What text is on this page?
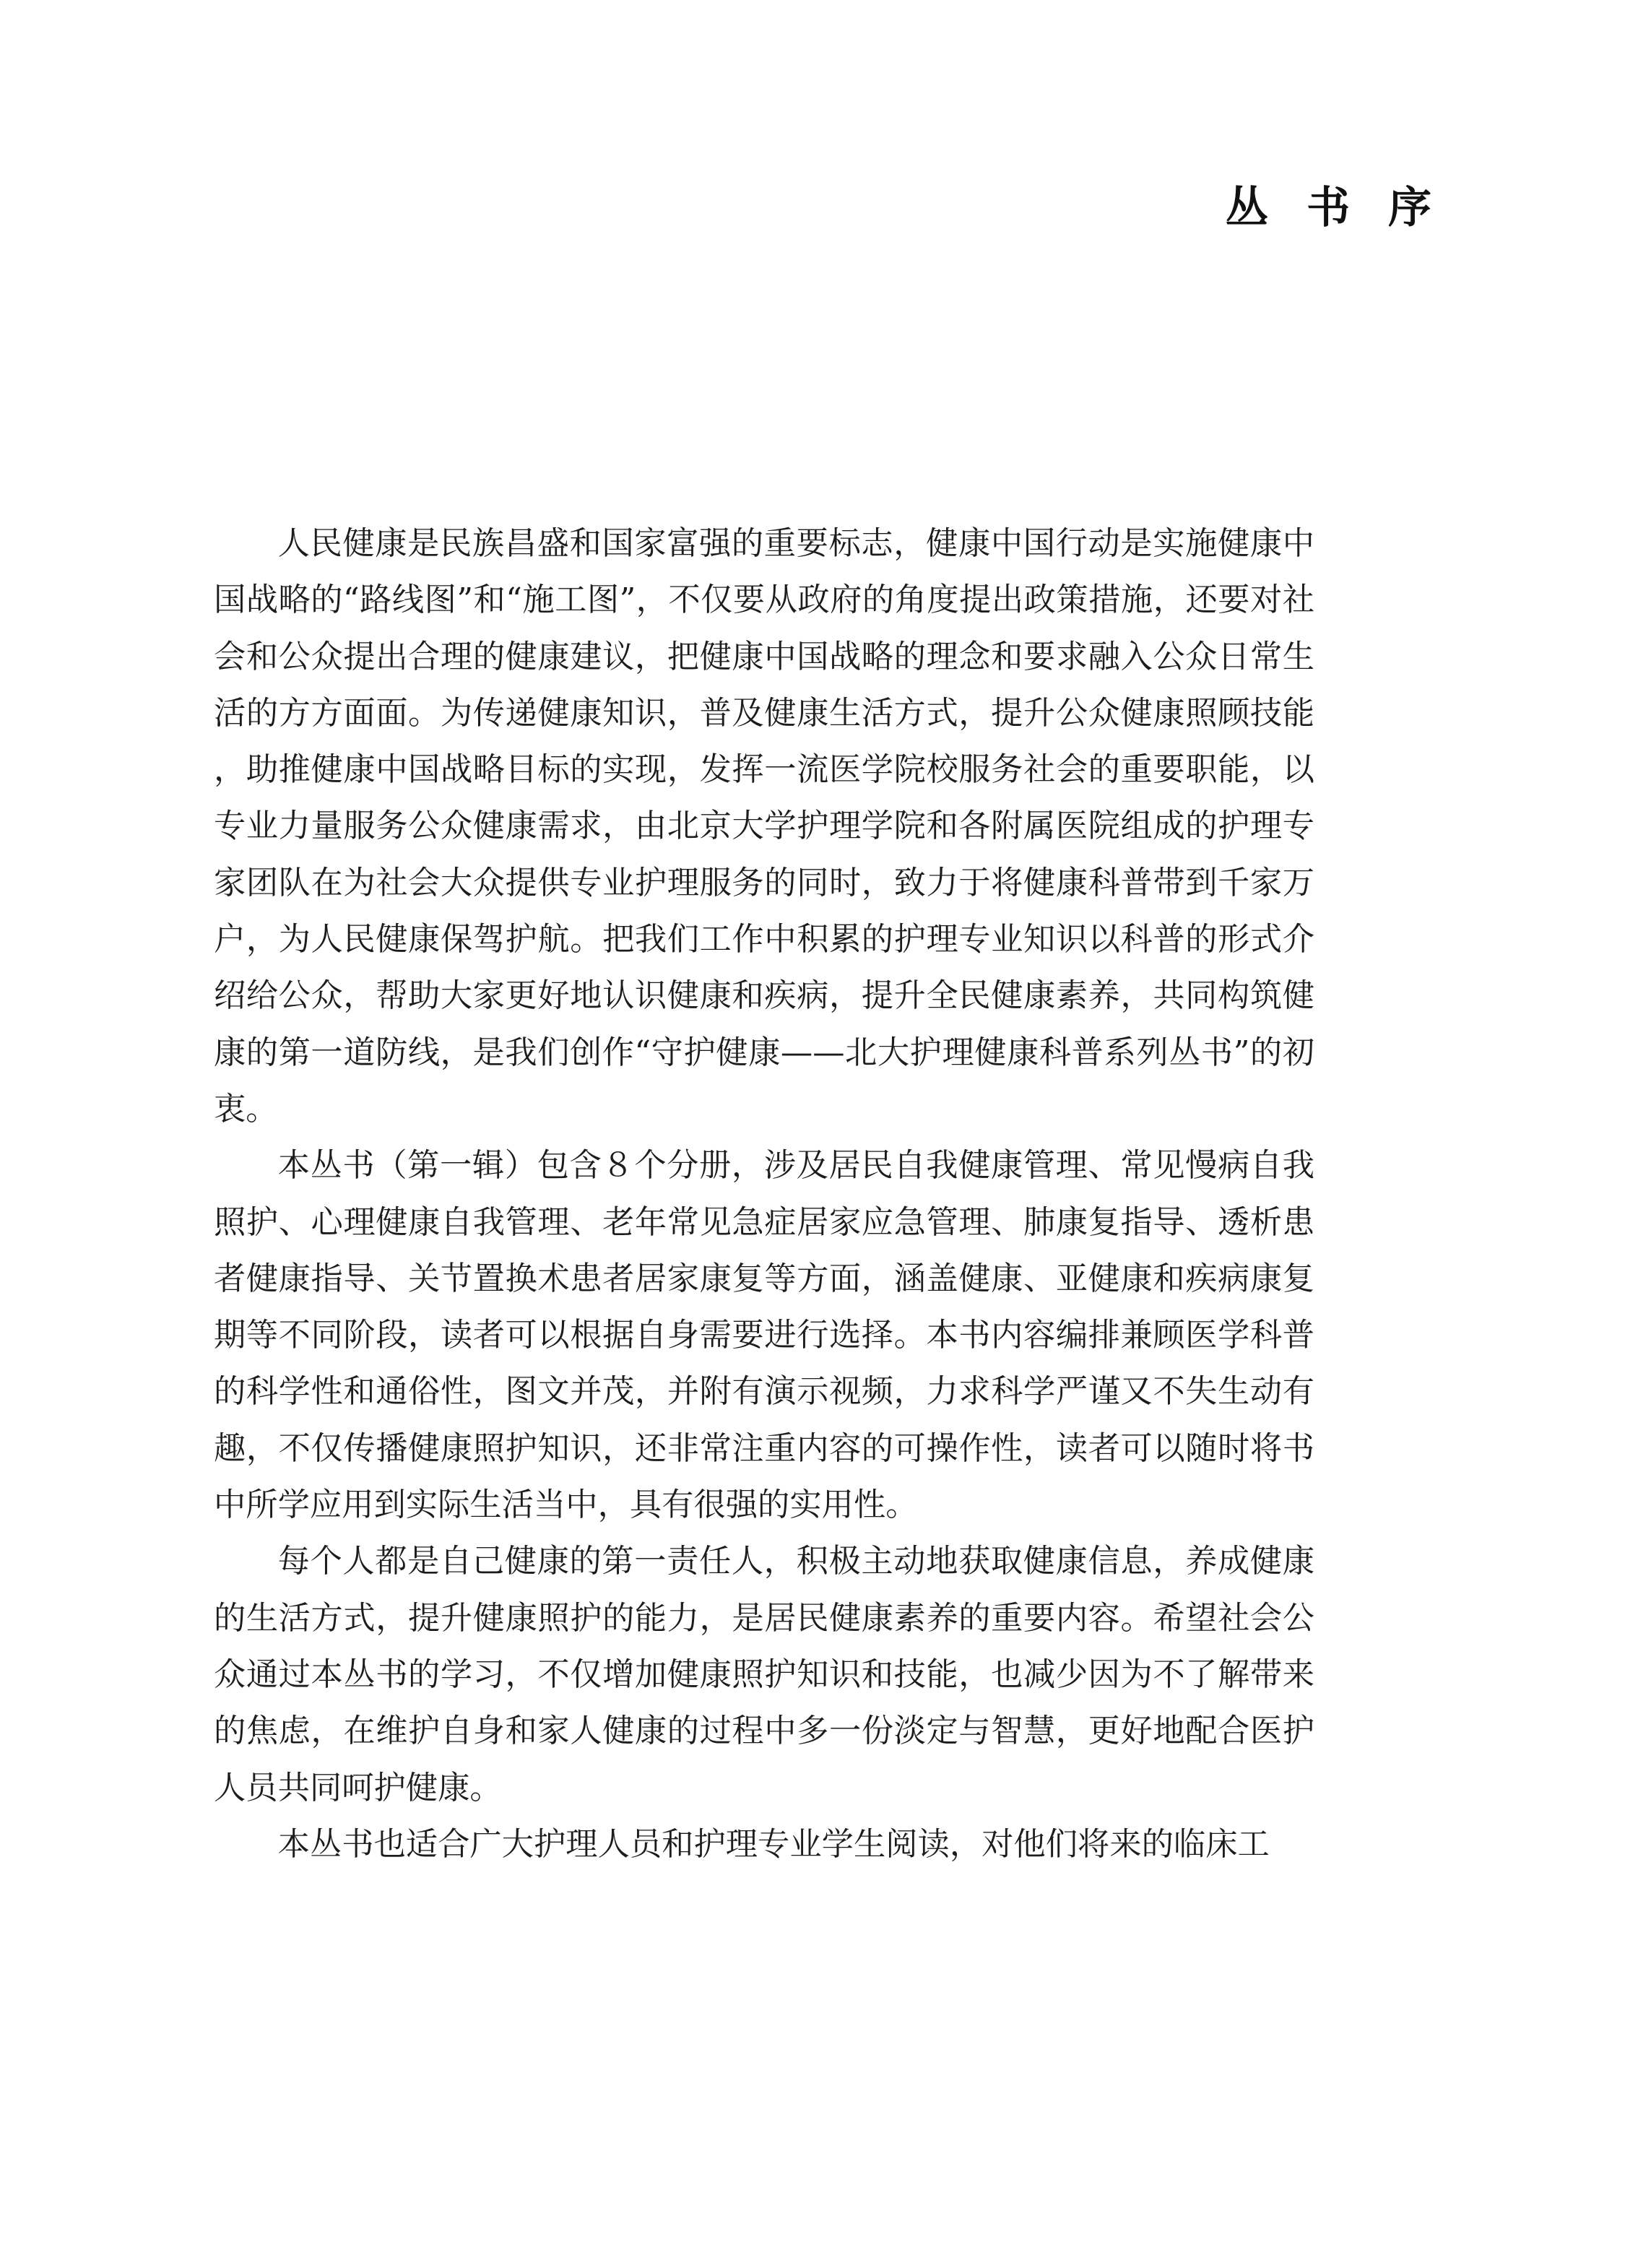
丛 书 序

人民健康是民族昌盛和国家富强的重要标志，健康中国行动是实施健康中国战略的“路线图”和“施工图”，不仅要从政府的角度提出政策措施，还要对社会和公众提出合理的健康建议，把健康中国战略的理念和要求融入公众日常生活的方方面面。为传递健康知识，普及健康生活方式，提升公众健康照顾技能，助推健康中国战略目标的实现，发挥一流医学院校服务社会的重要职能，以专业力量服务公众健康需求，由北京大学护理学院和各附属医院组成的护理专家团队在为社会大众提供专业护理服务的同时，致力于将健康科普带到千家万户，为人民健康保驾护航。把我们工作中积累的护理专业知识以科普的形式介绍给公众，帮助大家更好地认识健康和疾病，提升全民健康素养，共同构筑健康的第一道防线，是我们创作“守护健康——北大护理健康科普系列丛书”的初衷。

本丛书（第一辑）包含８个分册，涉及居民自我健康管理、常见慢病自我照护、心理健康自我管理、老年常见急症居家应急管理、肺康复指导、透析患者健康指导、关节置换术患者居家康复等方面，涵盖健康、亚健康和疾病康复期等不同阶段，读者可以根据自身需要进行选择。本书内容编排兼顾医学科普的科学性和通俗性，图文并茂，并附有演示视频，力求科学严谨又不失生动有趣，不仅传播健康照护知识，还非常注重内容的可操作性，读者可以随时将书中所学应用到实际生活当中，具有很强的实用性。

每个人都是自己健康的第一责任人，积极主动地获取健康信息，养成健康的生活方式，提升健康照护的能力，是居民健康素养的重要内容。希望社会公众通过本丛书的学习，不仅增加健康照护知识和技能，也减少因为不了解带来的焦虑，在维护自身和家人健康的过程中多一份淡定与智慧，更好地配合医护人员共同呵护健康。

本丛书也适合广大护理人员和护理专业学生阅读，对他们将来的临床工
